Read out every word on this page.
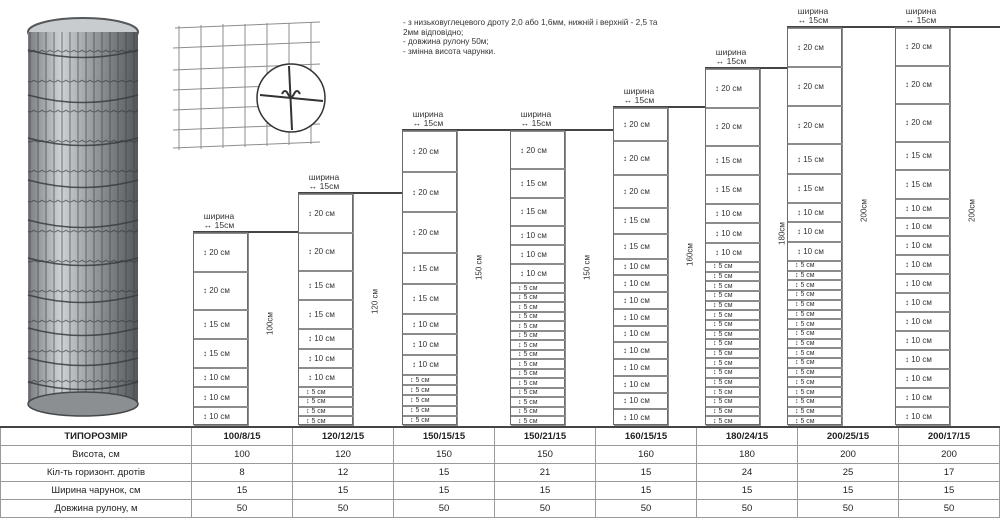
- з низьковуглецевого дроту 2,0 або 1,6мм, нижній і верхній - 2,5 та
2мм відповідно;
- довжина рулону 50м;
- змінна висота чарунки.
ширина
↔ 15см
↕ 20 см
↕ 20 см
↕ 15 см
↕ 15 см
↕ 10 см
↕ 10 см
↕ 10 см
100см
ширина
↔ 15см
↕ 20 см
↕ 20 см
↕ 15 см
↕ 15 см
↕ 10 см
↕ 10 см
↕ 10 см
↕ 5 см
↕ 5 см
↕ 5 см
↕ 5 см
120 см
ширина
↔ 15см
↕ 20 см
↕ 20 см
↕ 20 см
↕ 15 см
↕ 15 см
↕ 10 см
↕ 10 см
↕ 10 см
↕ 5 см
↕ 5 см
↕ 5 см
↕ 5 см
↕ 5 см
150 см
ширина
↔ 15см
↕ 20 см
↕ 15 см
↕ 15 см
↕ 10 см
↕ 10 см
↕ 10 см
↕ 5 см
↕ 5 см
↕ 5 см
↕ 5 см
↕ 5 см
↕ 5 см
↕ 5 см
↕ 5 см
↕ 5 см
↕ 5 см
↕ 5 см
↕ 5 см
↕ 5 см
↕ 5 см
↕ 5 см
150 см
ширина
↔ 15см
↕ 20 см
↕ 20 см
↕ 20 см
↕ 15 см
↕ 15 см
↕ 10 см
↕ 10 см
↕ 10 см
↕ 10 см
↕ 10 см
↕ 10 см
↕ 10 см
↕ 10 см
↕ 10 см
↕ 10 см
160см
ширина
↔ 15см
↕ 20 см
↕ 20 см
↕ 15 см
↕ 15 см
↕ 10 см
↕ 10 см
↕ 10 см
↕ 5 см
↕ 5 см
↕ 5 см
↕ 5 см
↕ 5 см
↕ 5 см
↕ 5 см
↕ 5 см
↕ 5 см
↕ 5 см
↕ 5 см
↕ 5 см
↕ 5 см
↕ 5 см
↕ 5 см
↕ 5 см
↕ 5 см
180см
ширина
↔ 15см
↕ 20 см
↕ 20 см
↕ 20 см
↕ 15 см
↕ 15 см
↕ 10 см
↕ 10 см
↕ 10 см
↕ 5 см
↕ 5 см
↕ 5 см
↕ 5 см
↕ 5 см
↕ 5 см
↕ 5 см
↕ 5 см
↕ 5 см
↕ 5 см
↕ 5 см
↕ 5 см
↕ 5 см
↕ 5 см
↕ 5 см
↕ 5 см
↕ 5 см
200см
ширина
↔ 15см
↕ 20 см
↕ 20 см
↕ 20 см
↕ 15 см
↕ 15 см
↕ 10 см
↕ 10 см
↕ 10 см
↕ 10 см
↕ 10 см
↕ 10 см
↕ 10 см
↕ 10 см
↕ 10 см
↕ 10 см
↕ 10 см
↕ 10 см
200см
ТИПОРОЗМІР	100/8/15	120/12/15	150/15/15	150/21/15	160/15/15	180/24/15	200/25/15	200/17/15
Висота, см	100	120	150	150	160	180	200	200
Кіл-ть горизонт. дротів	8	12	15	21	15	24	25	17
Ширина чарунок, см	15	15	15	15	15	15	15	15
Довжина рулону, м	50	50	50	50	50	50	50	50
